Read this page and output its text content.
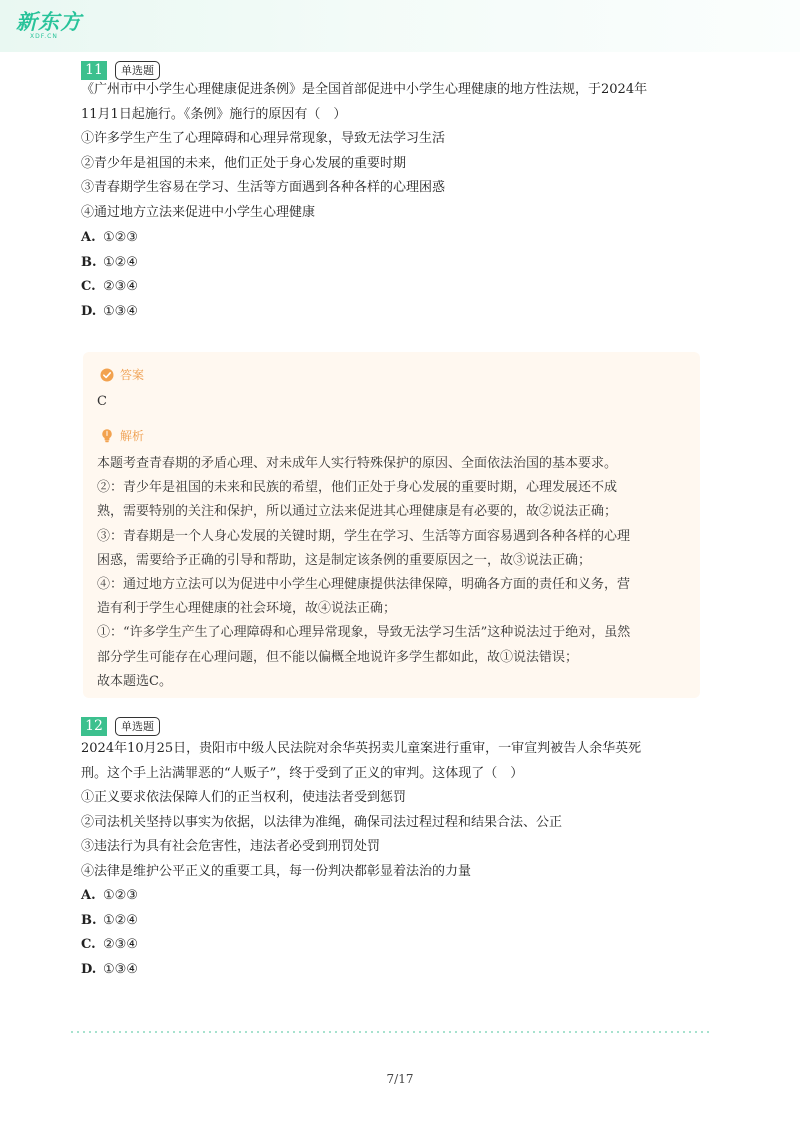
新东方
XDF.CN
11	单选题
《广州市中小学生心理健康促进条例》是全国首部促进中小学生心理健康的地方性法规，于2024年
11月1日起施行。《条例》施行的原因有（　）
①许多学生产生了心理障碍和心理异常现象，导致无法学习生活
②青少年是祖国的未来，他们正处于身心发展的重要时期
③青春期学生容易在学习、生活等方面遇到各种各样的心理困惑
④通过地方立法来促进中小学生心理健康
A. ①②③
B. ①②④
C. ②③④
D. ①③④
答案
C
解析
本题考查青春期的矛盾心理、对未成年人实行特殊保护的原因、全面依法治国的基本要求。
②：青少年是祖国的未来和民族的希望，他们正处于身心发展的重要时期，心理发展还不成
熟，需要特别的关注和保护，所以通过立法来促进其心理健康是有必要的，故②说法正确；
③：青春期是一个人身心发展的关键时期，学生在学习、生活等方面容易遇到各种各样的心理
困惑，需要给予正确的引导和帮助，这是制定该条例的重要原因之一，故③说法正确；
④：通过地方立法可以为促进中小学生心理健康提供法律保障，明确各方面的责任和义务，营
造有利于学生心理健康的社会环境，故④说法正确；
①：“许多学生产生了心理障碍和心理异常现象，导致无法学习生活”这种说法过于绝对，虽然
部分学生可能存在心理问题，但不能以偏概全地说许多学生都如此，故①说法错误；
故本题选C。
12	单选题
2024年10月25日，贵阳市中级人民法院对余华英拐卖儿童案进行重审，一审宣判被告人余华英死
刑。这个手上沾满罪恶的“人贩子”，终于受到了正义的审判。这体现了（　）
①正义要求依法保障人们的正当权利，使违法者受到惩罚
②司法机关坚持以事实为依据，以法律为准绳，确保司法过程过程和结果合法、公正
③违法行为具有社会危害性，违法者必受到刑罚处罚
④法律是维护公平正义的重要工具，每一份判决都彰显着法治的力量
A. ①②③
B. ①②④
C. ②③④
D. ①③④
7/17
